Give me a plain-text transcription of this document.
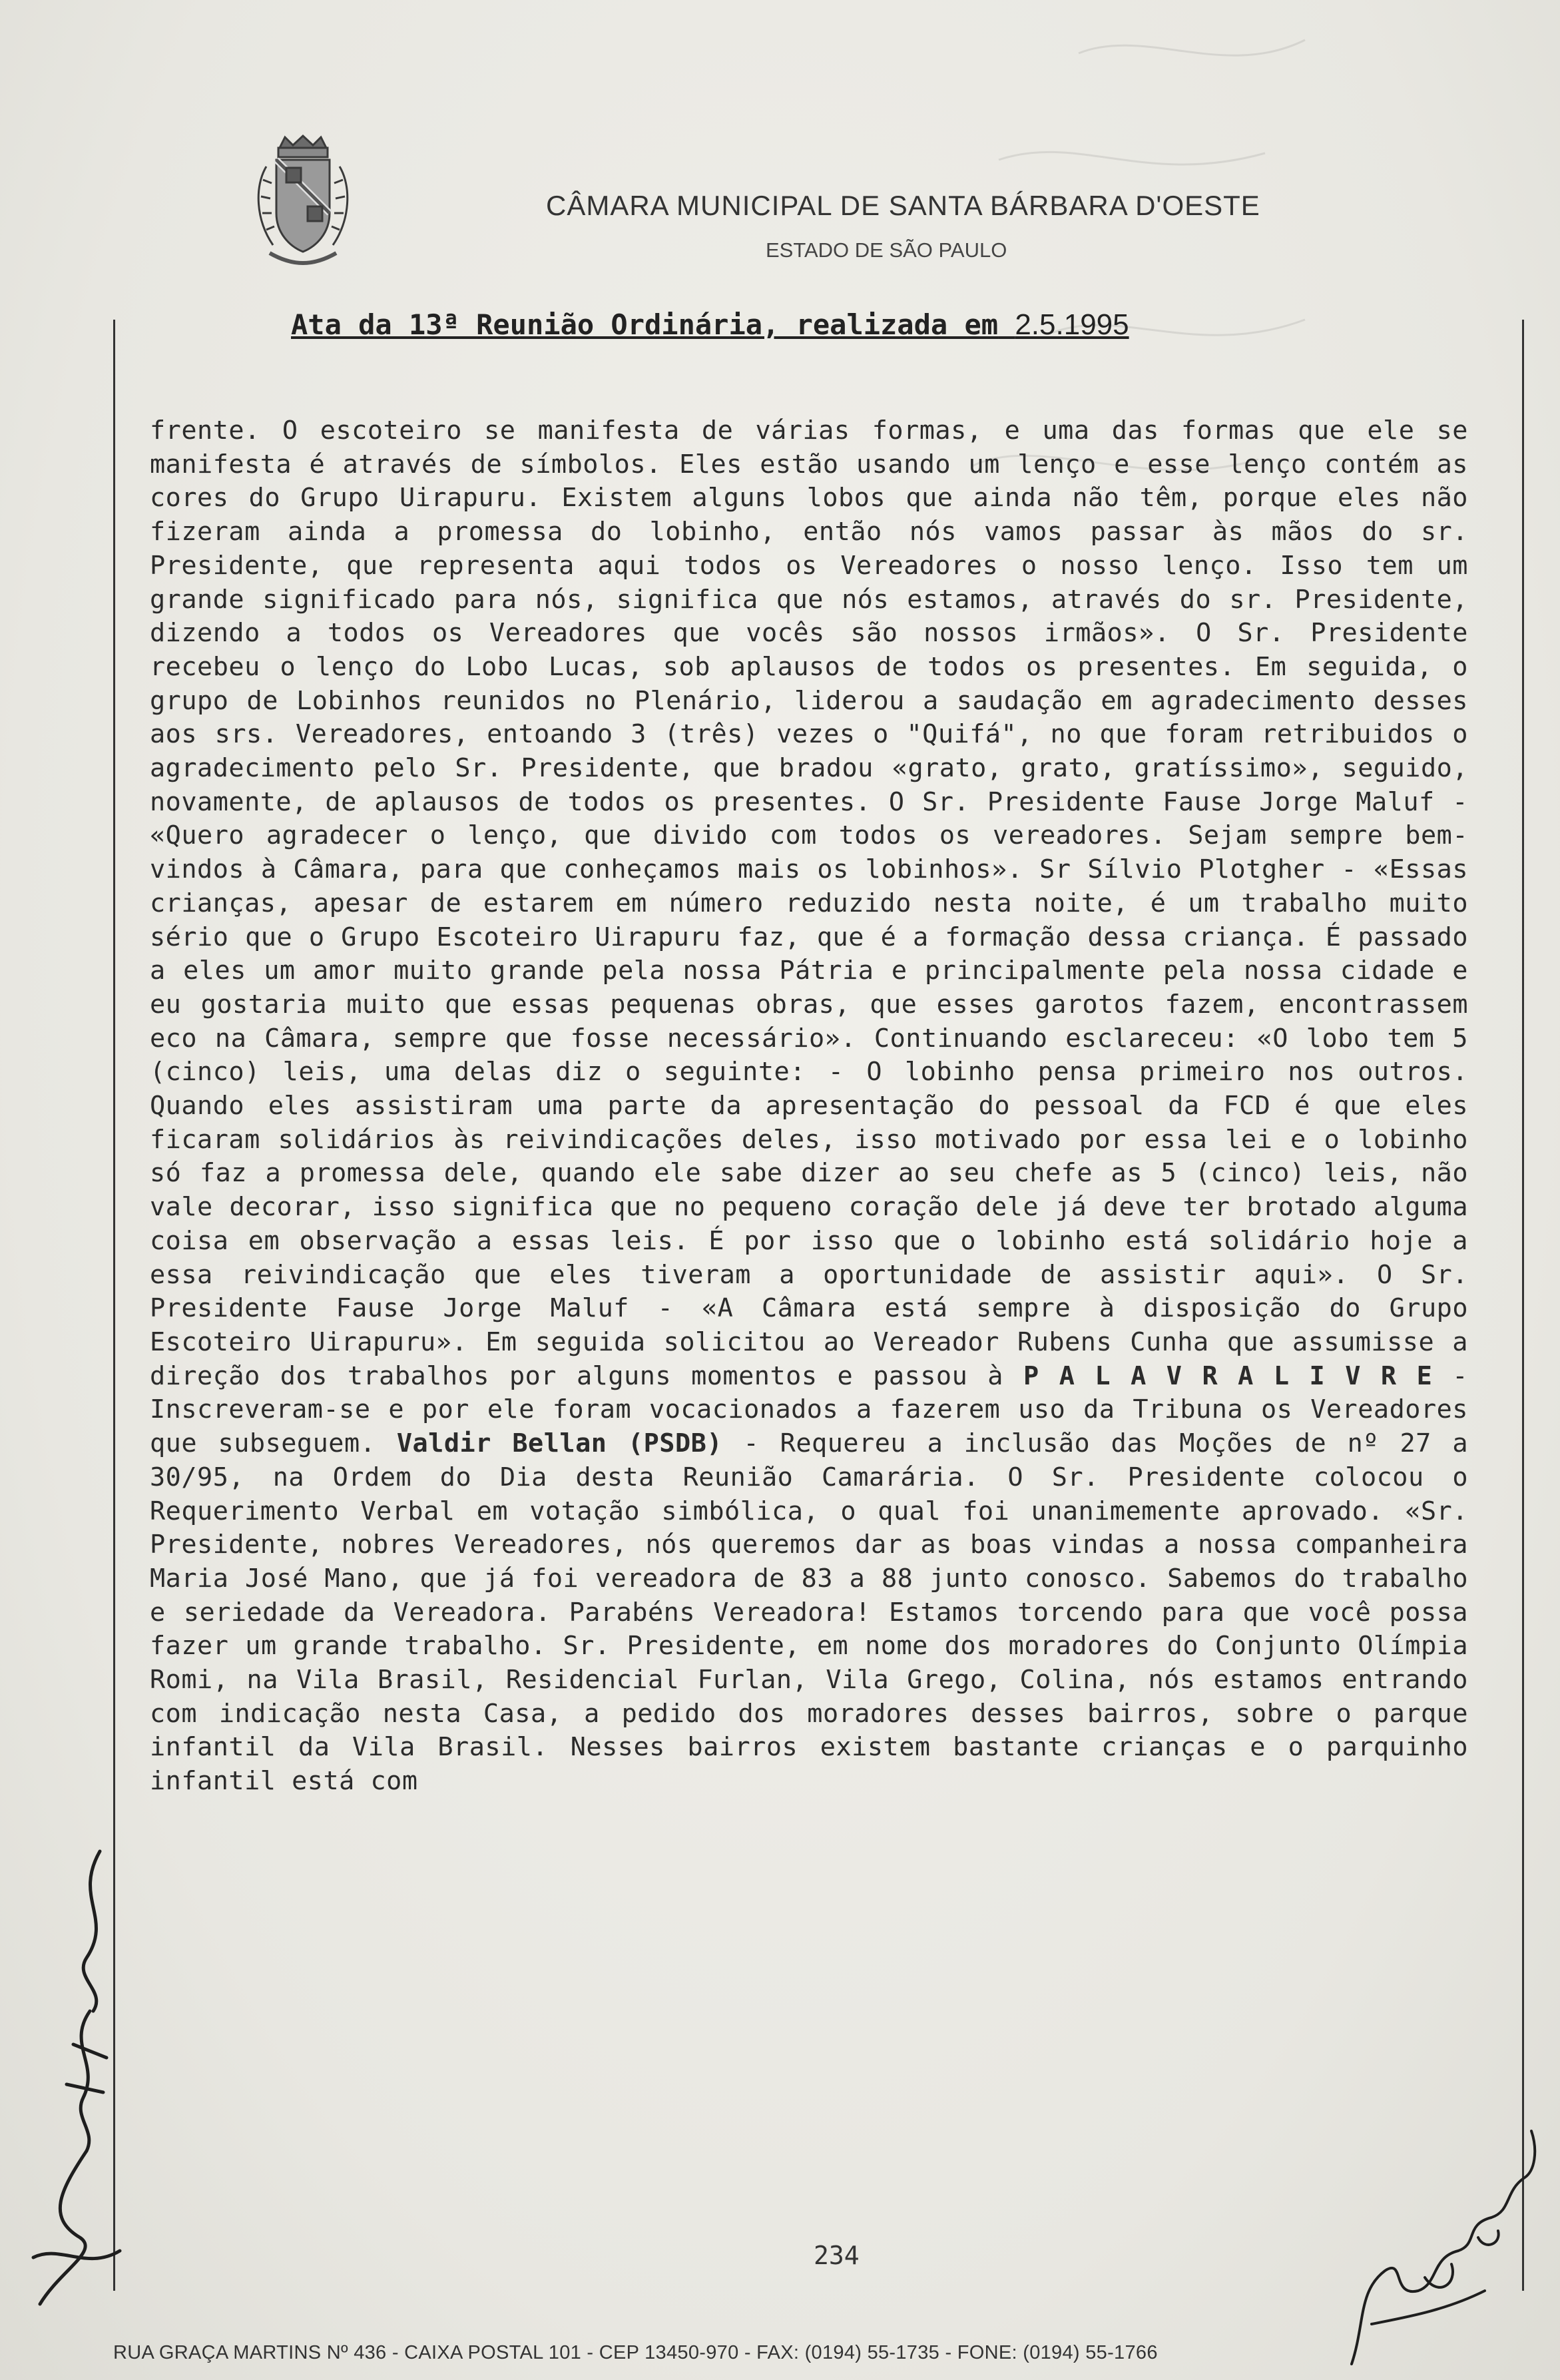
CÂMARA MUNICIPAL DE SANTA BÁRBARA D'OESTE
ESTADO DE SÃO PAULO
Ata da 13ª Reunião Ordinária, realizada em 2.5.1995

frente. O escoteiro se manifesta de várias formas, e uma das formas que ele se manifesta é através de símbolos. Eles estão usando um lenço e esse lenço contém as cores do Grupo Uirapuru. Existem alguns lobos que ainda não têm, porque eles não fizeram ainda a promessa do lobinho, então nós vamos passar às mãos do sr. Presidente, que representa aqui todos os Vereadores o nosso lenço. Isso tem um grande significado para nós, significa que nós estamos, através do sr. Presidente, dizendo a todos os Vereadores que vocês são nossos irmãos». O Sr. Presidente recebeu o lenço do Lobo Lucas, sob aplausos de todos os presentes. Em seguida, o grupo de Lobinhos reunidos no Plenário, liderou a saudação em agradecimento desses aos srs. Vereadores, entoando 3 (três) vezes o "Quifá", no que foram retribuidos o agradecimento pelo Sr. Presidente, que bradou «grato, grato, gratíssimo», seguido, novamente, de aplausos de todos os presentes. O Sr. Presidente Fause Jorge Maluf - «Quero agradecer o lenço, que divido com todos os vereadores. Sejam sempre bem-vindos à Câmara, para que conheçamos mais os lobinhos». Sr Sílvio Plotgher - «Essas crianças, apesar de estarem em número reduzido nesta noite, é um trabalho muito sério que o Grupo Escoteiro Uirapuru faz, que é a formação dessa criança. É passado a eles um amor muito grande pela nossa Pátria e principalmente pela nossa cidade e eu gostaria muito que essas pequenas obras, que esses garotos fazem, encontrassem eco na Câmara, sempre que fosse necessário». Continuando esclareceu: «O lobo tem 5 (cinco) leis, uma delas diz o seguinte: - O lobinho pensa primeiro nos outros. Quando eles assistiram uma parte da apresentação do pessoal da FCD é que eles ficaram solidários às reivindicações deles, isso motivado por essa lei e o lobinho só faz a promessa dele, quando ele sabe dizer ao seu chefe as 5 (cinco) leis, não vale decorar, isso significa que no pequeno coração dele já deve ter brotado alguma coisa em observação a essas leis. É por isso que o lobinho está solidário hoje a essa reivindicação que eles tiveram a oportunidade de assistir aqui». O Sr. Presidente Fause Jorge Maluf - «A Câmara está sempre à disposição do Grupo Escoteiro Uirapuru». Em seguida solicitou ao Vereador Rubens Cunha que assumisse a direção dos trabalhos por alguns momentos e passou à P A L A V R A L I V R E - Inscreveram-se e por ele foram vocacionados a fazerem uso da Tribuna os Vereadores que subseguem. Valdir Bellan (PSDB) - Requereu a inclusão das Moções de nº 27 a 30/95, na Ordem do Dia desta Reunião Camarária. O Sr. Presidente colocou o Requerimento Verbal em votação simbólica, o qual foi unanimemente aprovado. «Sr. Presidente, nobres Vereadores, nós queremos dar as boas vindas a nossa companheira Maria José Mano, que já foi vereadora de 83 a 88 junto conosco. Sabemos do trabalho e seriedade da Vereadora. Parabéns Vereadora! Estamos torcendo para que você possa fazer um grande trabalho. Sr. Presidente, em nome dos moradores do Conjunto Olímpia Romi, na Vila Brasil, Residencial Furlan, Vila Grego, Colina, nós estamos entrando com indicação nesta Casa, a pedido dos moradores desses bairros, sobre o parque infantil da Vila Brasil. Nesses bairros existem bastante crianças e o parquinho infantil está com

234
RUA GRAÇA MARTINS Nº 436 - CAIXA POSTAL 101 - CEP 13450-970 - FAX: (0194) 55-1735 - FONE: (0194) 55-1766
